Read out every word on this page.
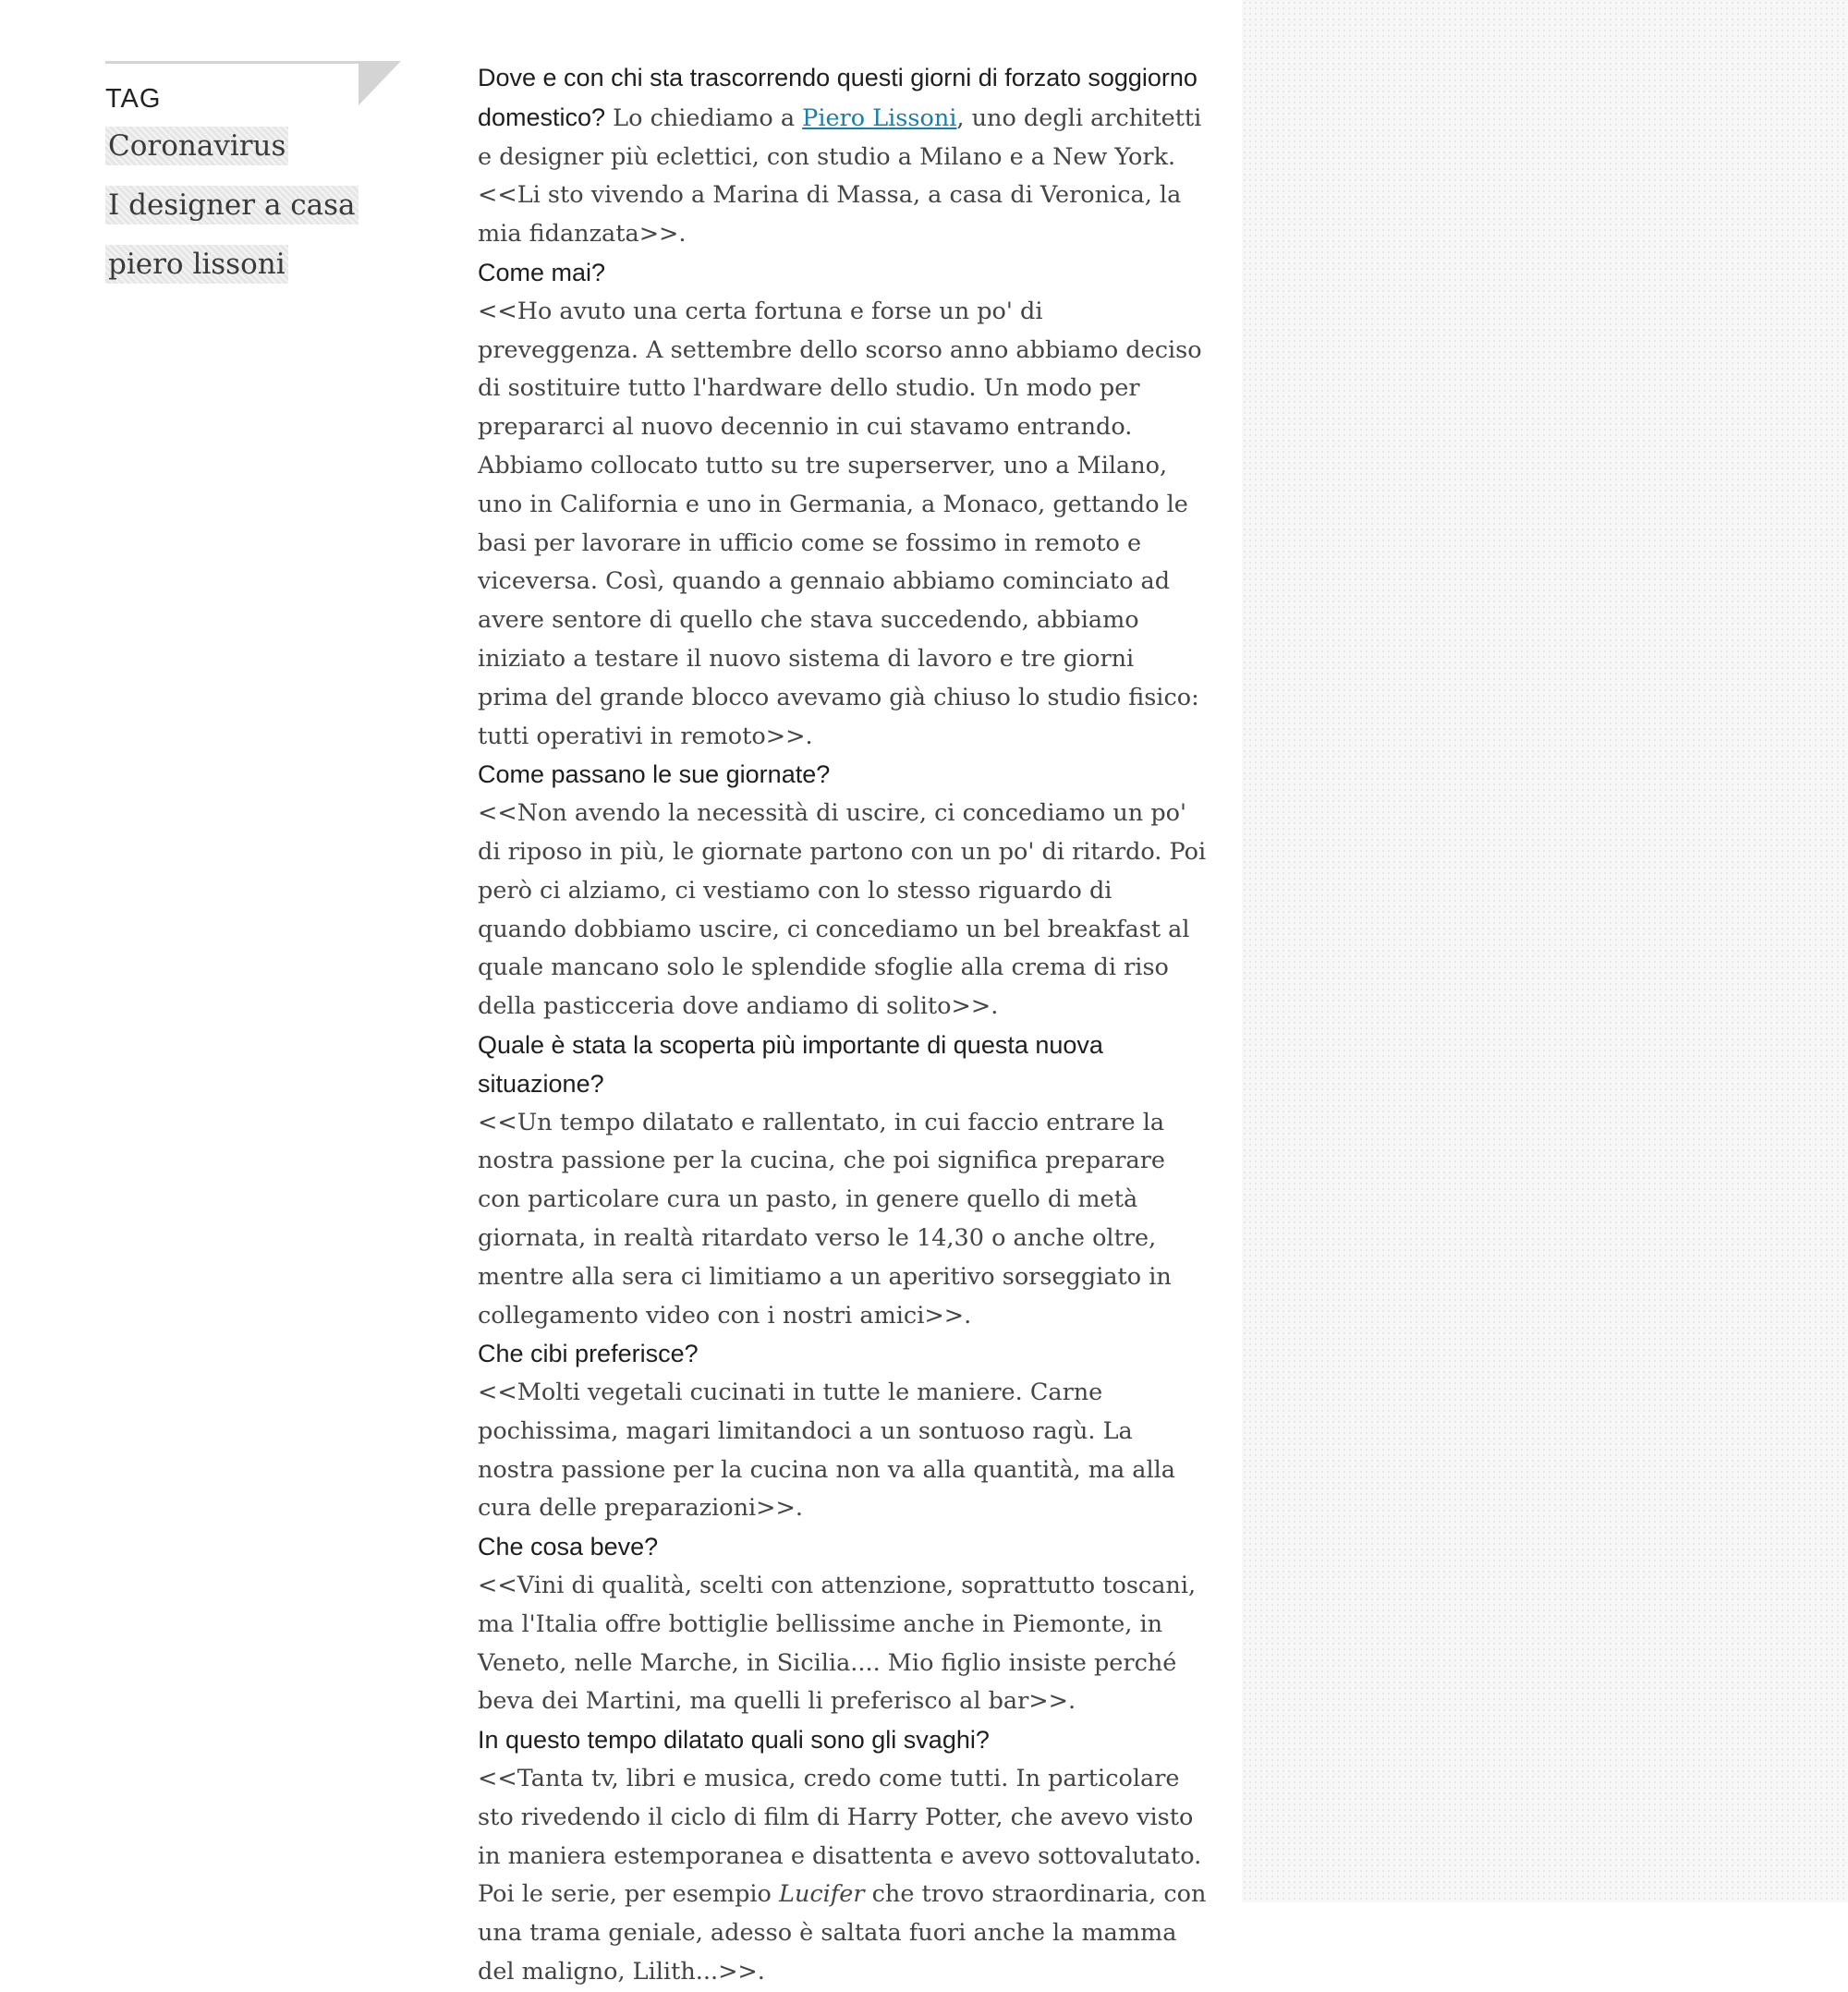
TAG
Coronavirus
I designer a casa
piero lissoni

Dove e con chi sta trascorrendo questi giorni di forzato soggiorno domestico? Lo chiediamo a Piero Lissoni, uno degli architetti e designer più eclettici, con studio a Milano e a New York. <<Li sto vivendo a Marina di Massa, a casa di Veronica, la mia fidanzata>>.

Come mai?

<<Ho avuto una certa fortuna e forse un po' di preveggenza. A settembre dello scorso anno abbiamo deciso di sostituire tutto l'hardware dello studio. Un modo per prepararci al nuovo decennio in cui stavamo entrando. Abbiamo collocato tutto su tre superserver, uno a Milano, uno in California e uno in Germania, a Monaco, gettando le basi per lavorare in ufficio come se fossimo in remoto e viceversa. Così, quando a gennaio abbiamo cominciato ad avere sentore di quello che stava succedendo, abbiamo iniziato a testare il nuovo sistema di lavoro e tre giorni prima del grande blocco avevamo già chiuso lo studio fisico: tutti operativi in remoto>>.

Come passano le sue giornate?

<<Non avendo la necessità di uscire, ci concediamo un po' di riposo in più, le giornate partono con un po' di ritardo. Poi però ci alziamo, ci vestiamo con lo stesso riguardo di quando dobbiamo uscire, ci concediamo un bel breakfast al quale mancano solo le splendide sfoglie alla crema di riso della pasticceria dove andiamo di solito>>.

Quale è stata la scoperta più importante di questa nuova situazione?

<<Un tempo dilatato e rallentato, in cui faccio entrare la nostra passione per la cucina, che poi significa preparare con particolare cura un pasto, in genere quello di metà giornata, in realtà ritardato verso le 14,30 o anche oltre, mentre alla sera ci limitiamo a un aperitivo sorseggiato in collegamento video con i nostri amici>>.

Che cibi preferisce?

<<Molti vegetali cucinati in tutte le maniere. Carne pochissima, magari limitandoci a un sontuoso ragù. La nostra passione per la cucina non va alla quantità, ma alla cura delle preparazioni>>.

Che cosa beve?

<<Vini di qualità, scelti con attenzione, soprattutto toscani, ma l'Italia offre bottiglie bellissime anche in Piemonte, in Veneto, nelle Marche, in Sicilia.... Mio figlio insiste perché beva dei Martini, ma quelli li preferisco al bar>>.

In questo tempo dilatato quali sono gli svaghi?

<<Tanta tv, libri e musica, credo come tutti. In particolare sto rivedendo il ciclo di film di Harry Potter, che avevo visto in maniera estemporanea e disattenta e avevo sottovalutato. Poi le serie, per esempio Lucifer che trovo straordinaria, con una trama geniale, adesso è saltata fuori anche la mamma del maligno, Lilith...>>.
